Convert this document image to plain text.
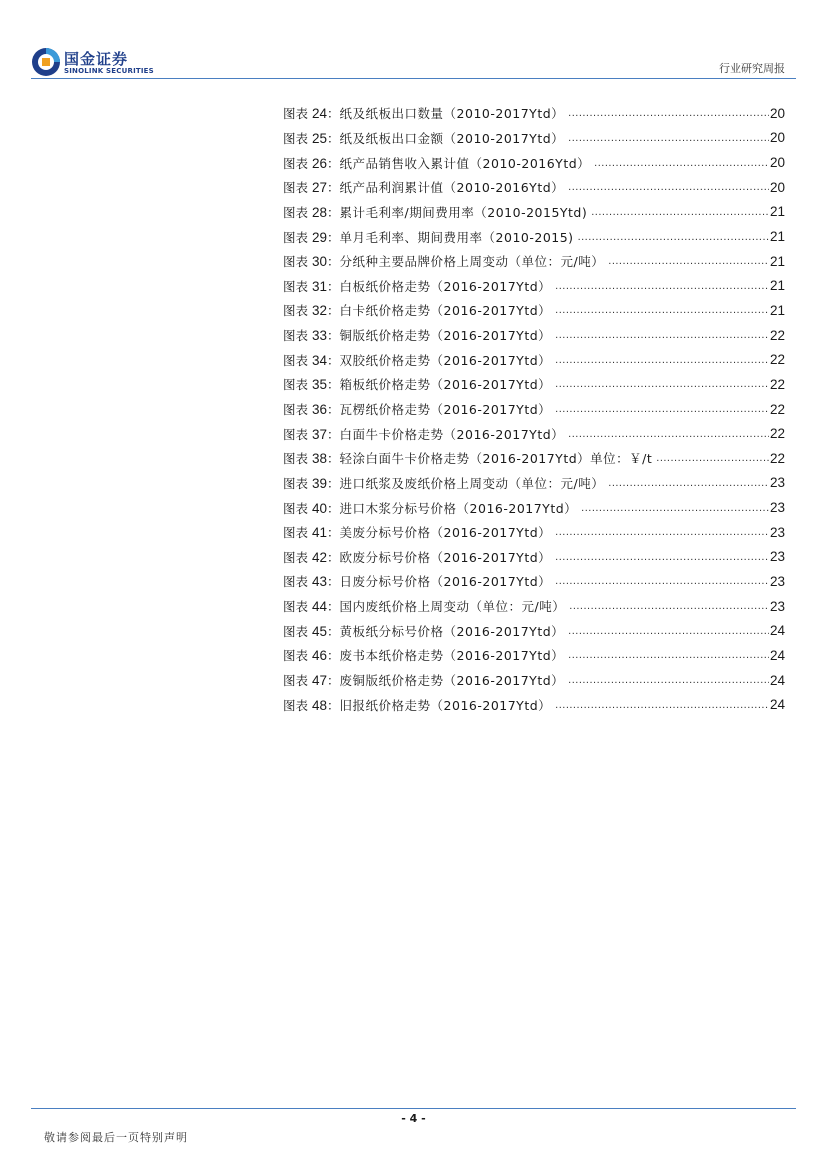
国金证券
SINOLINK SECURITIES	行业研究周报
图表 24： 纸及纸板出口数量（2010-2017Ytd） .....	20
图表 25： 纸及纸板出口金额（2010-2017Ytd） .....	20
图表 26： 纸产品销售收入累计值（2010-2016Ytd） .....	20
图表 27： 纸产品利润累计值（2010-2016Ytd） .....	20
图表 28： 累计毛利率/期间费用率（2010-2015Ytd) .....	21
图表 29： 单月毛利率、期间费用率（2010-2015) .....	21
图表 30： 分纸种主要品牌价格上周变动（单位：元/吨） .....	21
图表 31： 白板纸价格走势（2016-2017Ytd） .....	21
图表 32： 白卡纸价格走势（2016-2017Ytd） .....	21
图表 33： 铜版纸价格走势（2016-2017Ytd） .....	22
图表 34： 双胶纸价格走势（2016-2017Ytd） .....	22
图表 35： 箱板纸价格走势（2016-2017Ytd） .....	22
图表 36： 瓦楞纸价格走势（2016-2017Ytd） .....	22
图表 37： 白面牛卡价格走势（2016-2017Ytd） .....	22
图表 38： 轻涂白面牛卡价格走势（2016-2017Ytd）单位：￥/t .....	22
图表 39： 进口纸浆及废纸价格上周变动（单位：元/吨） .....	23
图表 40： 进口木浆分标号价格（2016-2017Ytd） .....	23
图表 41： 美废分标号价格（2016-2017Ytd） .....	23
图表 42： 欧废分标号价格（2016-2017Ytd） .....	23
图表 43： 日废分标号价格（2016-2017Ytd） .....	23
图表 44： 国内废纸价格上周变动（单位：元/吨） .....	23
图表 45： 黄板纸分标号价格（2016-2017Ytd） .....	24
图表 46： 废书本纸价格走势（2016-2017Ytd） .....	24
图表 47： 废铜版纸价格走势（2016-2017Ytd） .....	24
图表 48： 旧报纸价格走势（2016-2017Ytd） .....	24
- 4 -
敬请参阅最后一页特别声明
